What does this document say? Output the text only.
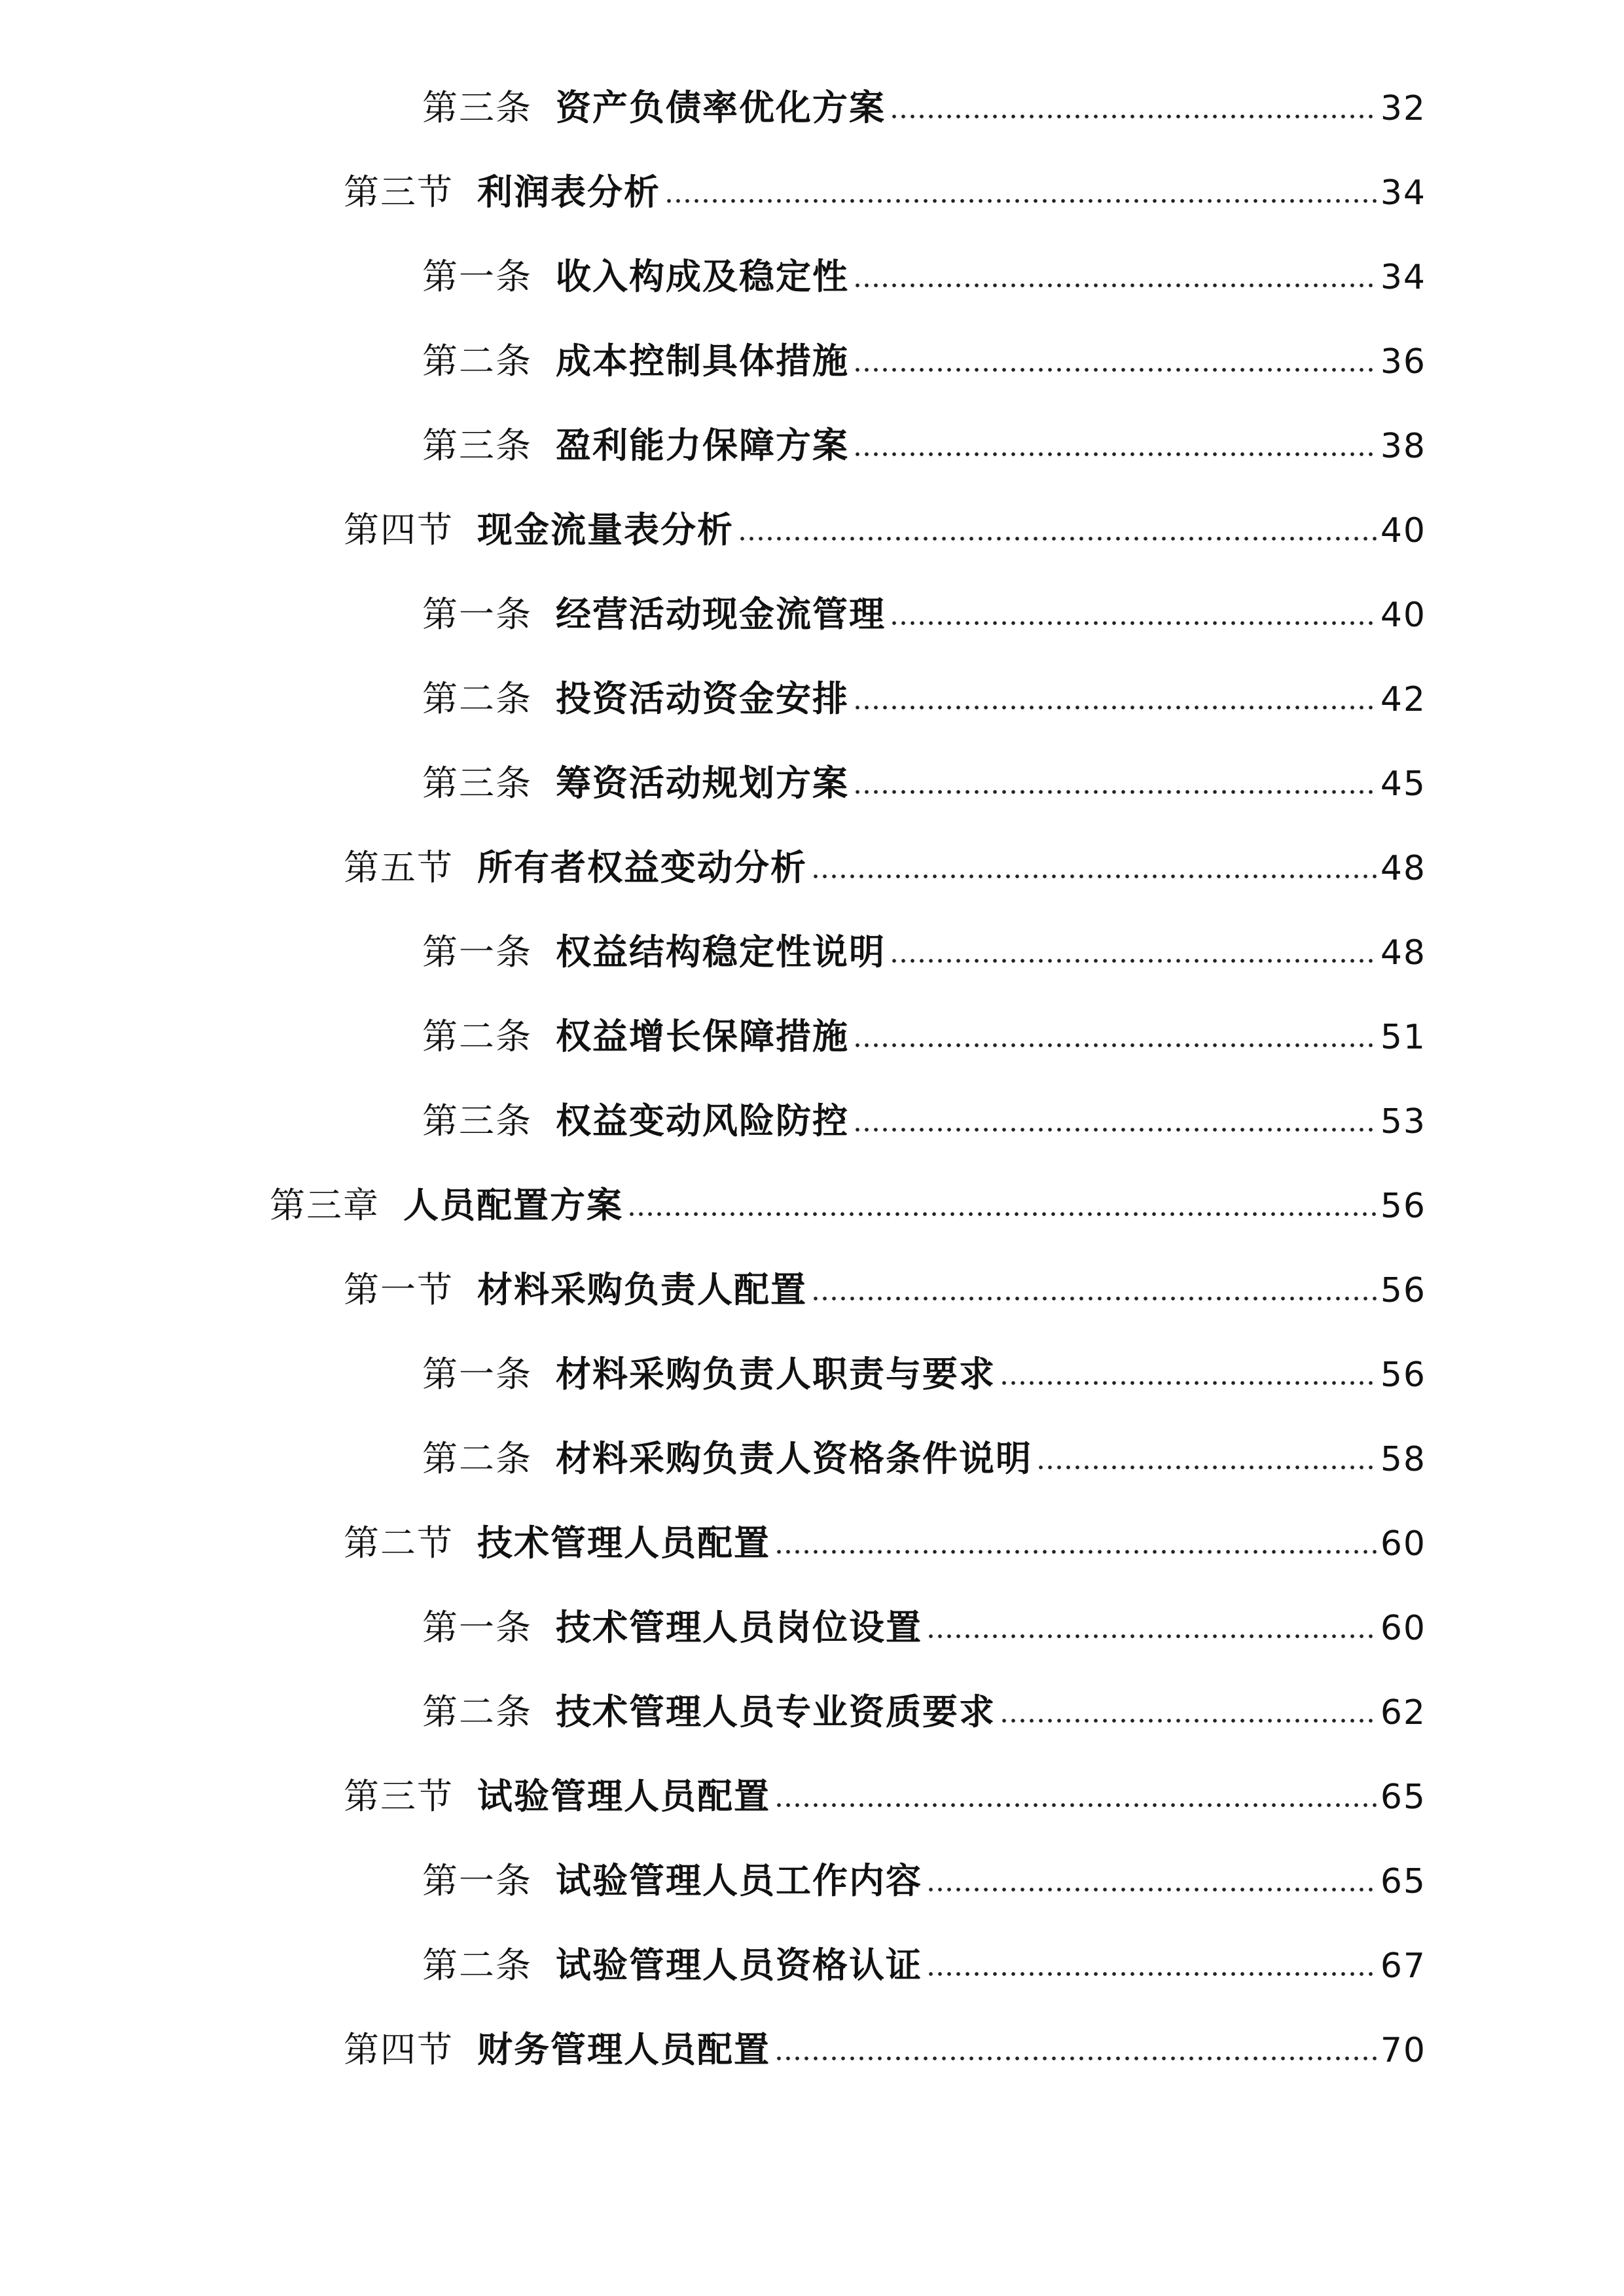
第三条 资产负债率优化方案	32
第三节 利润表分析	34
第一条 收入构成及稳定性	34
第二条 成本控制具体措施	36
第三条 盈利能力保障方案	38
第四节 现金流量表分析	40
第一条 经营活动现金流管理	40
第二条 投资活动资金安排	42
第三条 筹资活动规划方案	45
第五节 所有者权益变动分析	48
第一条 权益结构稳定性说明	48
第二条 权益增长保障措施	51
第三条 权益变动风险防控	53
第三章 人员配置方案	56
第一节 材料采购负责人配置	56
第一条 材料采购负责人职责与要求	56
第二条 材料采购负责人资格条件说明	58
第二节 技术管理人员配置	60
第一条 技术管理人员岗位设置	60
第二条 技术管理人员专业资质要求	62
第三节 试验管理人员配置	65
第一条 试验管理人员工作内容	65
第二条 试验管理人员资格认证	67
第四节 财务管理人员配置	70
